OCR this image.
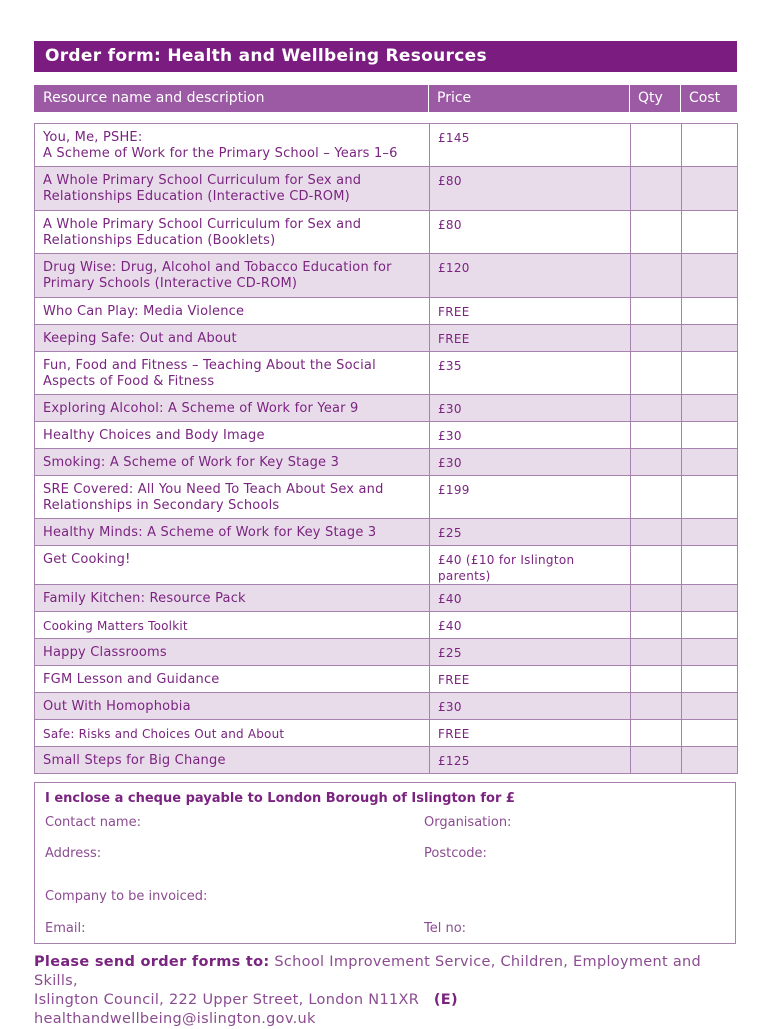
Order form: Health and Wellbeing Resources
Resource name and description	Price	Qty Cost
You, Me, PSHE:
A Scheme of Work for the Primary School – Years 1–6	£145		
A Whole Primary School Curriculum for Sex and
Relationships Education (Interactive CD-ROM)	£80		
A Whole Primary School Curriculum for Sex and
Relationships Education (Booklets)	£80		
Drug Wise: Drug, Alcohol and Tobacco Education for
Primary Schools (Interactive CD-ROM)	£120		
Who Can Play: Media Violence	FREE		
Keeping Safe: Out and About	FREE		
Fun, Food and Fitness – Teaching About the Social
Aspects of Food & Fitness	£35		
Exploring Alcohol: A Scheme of Work for Year 9	£30		
Healthy Choices and Body Image	£30		
Smoking: A Scheme of Work for Key Stage 3	£30		
SRE Covered: All You Need To Teach About Sex and
Relationships in Secondary Schools	£199		
Healthy Minds: A Scheme of Work for Key Stage 3	£25		
Get Cooking!	£40 (£10 for Islington parents)		
Family Kitchen: Resource Pack	£40		
Cooking Matters Toolkit	£40		
Happy Classrooms	£25		
FGM Lesson and Guidance	FREE		
Out With Homophobia	£30		
Safe: Risks and Choices Out and About	FREE		
Small Steps for Big Change	£125		
I enclose a cheque payable to London Borough of Islington for £
Contact name:	Organisation:
Address:	Postcode:
Company to be invoiced:
Email:	Tel no:
Please send order forms to: School Improvement Service, Children, Employment and Skills,
Islington Council, 222 Upper Street, London N11XR (E) healthandwellbeing@islington.gov.uk
